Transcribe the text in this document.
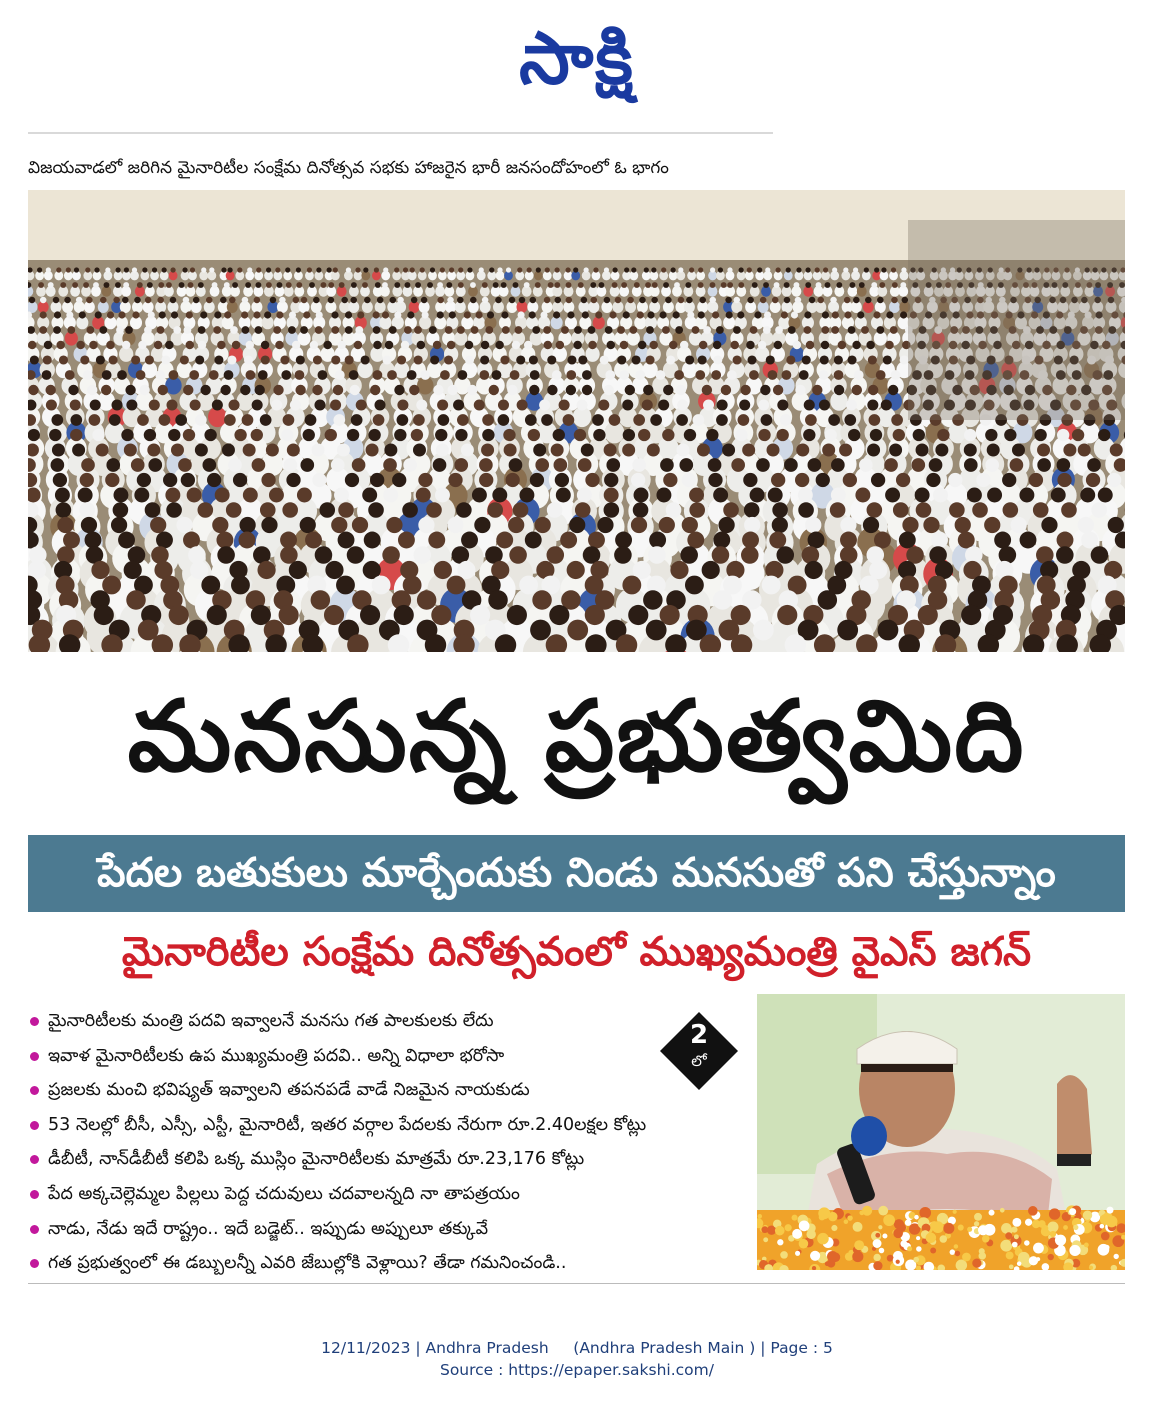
సాక్షి
విజయవాడలో జరిగిన మైనారిటీల సంక్షేమ దినోత్సవ సభకు హాజరైన భారీ జనసందోహంలో ఓ భాగం
మనసున్న ప్రభుత్వమిది
పేదల బతుకులు మార్చేందుకు నిండు మనసుతో పని చేస్తున్నాం
మైనారిటీల సంక్షేమ దినోత్సవంలో ముఖ్యమంత్రి వైఎస్ జగన్
మైనారిటీలకు మంత్రి పదవి ఇవ్వాలనే మనసు గత పాలకులకు లేదు
ఇవాళ మైనారిటీలకు ఉప ముఖ్యమంత్రి పదవి.. అన్ని విధాలా భరోసా
ప్రజలకు మంచి భవిష్యత్ ఇవ్వాలని తపనపడే వాడే నిజమైన నాయకుడు
53 నెలల్లో బీసీ, ఎస్సీ, ఎస్టీ, మైనారిటీ, ఇతర వర్గాల పేదలకు నేరుగా రూ.2.40లక్షల కోట్లు
డీబీటీ, నాన్‌డీబీటీ కలిపి ఒక్క ముస్లిం మైనారిటీలకు మాత్రమే రూ.23,176 కోట్లు
పేద అక్కచెల్లెమ్మల పిల్లలు పెద్ద చదువులు చదవాలన్నది నా తాపత్రయం
నాడు, నేడు ఇదే రాష్ట్రం.. ఇదే బడ్జెట్.. ఇప్పుడు అప్పులూ తక్కువే
గత ప్రభుత్వంలో ఈ డబ్బులన్నీ ఎవరి జేబుల్లోకి వెళ్లాయి? తేడా గమనించండి..
2
లో
12/11/2023 | Andhra Pradesh     (Andhra Pradesh Main ) | Page : 5
Source : https://epaper.sakshi.com/
